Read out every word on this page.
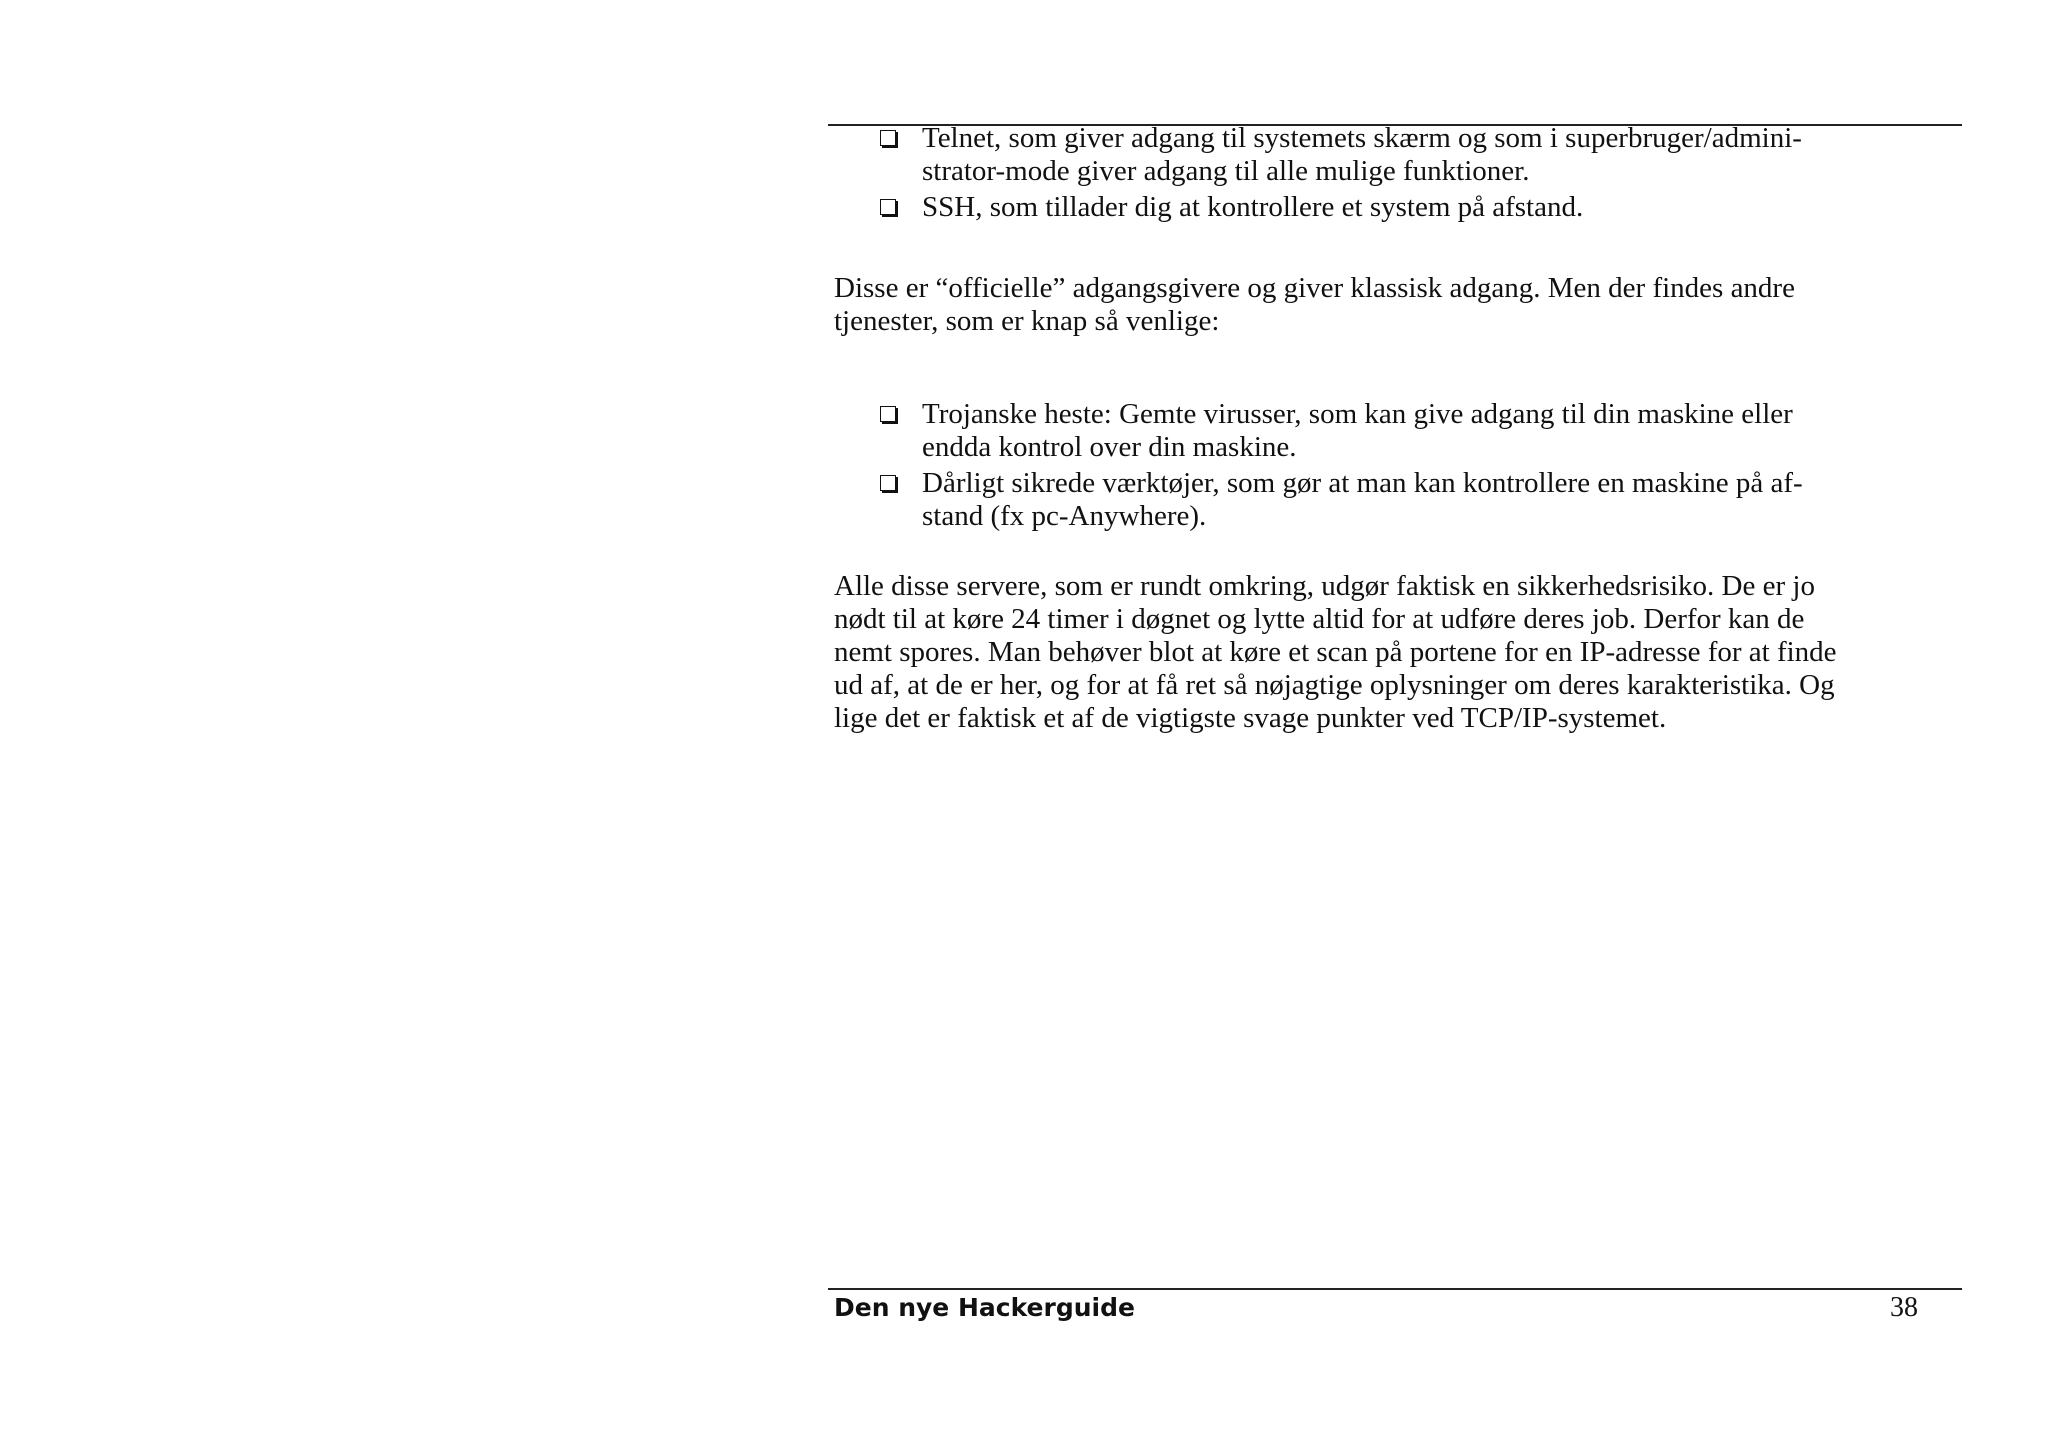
Telnet, som giver adgang til systemets skærm og som i superbruger/admini-
strator-mode giver adgang til alle mulige funktioner.
SSH, som tillader dig at kontrollere et system på afstand.
Disse er “officielle” adgangsgivere og giver klassisk adgang. Men der findes andre
tjenester, som er knap så venlige:
Trojanske heste: Gemte virusser, som kan give adgang til din maskine eller
endda kontrol over din maskine.
Dårligt sikrede værktøjer, som gør at man kan kontrollere en maskine på af-
stand (fx pc-Anywhere).
Alle disse servere, som er rundt omkring, udgør faktisk en sikkerhedsrisiko. De er jo
nødt til at køre 24 timer i døgnet og lytte altid for at udføre deres job. Derfor kan de
nemt spores. Man behøver blot at køre et scan på portene for en IP-adresse for at finde
ud af, at de er her, og for at få ret så nøjagtige oplysninger om deres karakteristika. Og
lige det er faktisk et af de vigtigste svage punkter ved TCP/IP-systemet.
Den nye Hackerguide	38
